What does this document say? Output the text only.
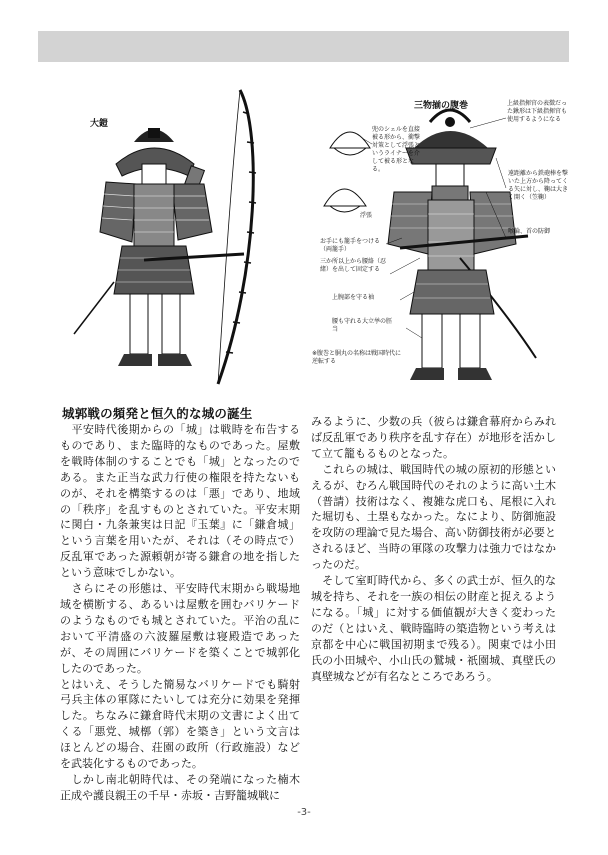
大鎧
三物揃の腹巻	上級指揮官の表徴だった鍬形は下級指揮官も使用するようになる
兜のシェルを直接被る形から、衝撃対策として浮張というライナーを介して被る形となる。
浮張
遠距離から鉄砲棒を撃いた上方から降ってくる矢に対し、鞠は大きく開く（笠鞠）
喉輪、首の防御
お手にも籠手をつける（両籠手）
三か所以上から腰絡（忍緒）を出して固定する
上腕部を守る袖
腰も守れる大立挙の脛当
※腹巻と胴丸の名称は戦国時代に逆転する
城郭戦の頻発と恒久的な城の誕生

　平安時代後期からの「城」は戦時を布告するものであり、また臨時的なものであった。屋敷を戦時体制のすることでも「城」となったのである。また正当な武力行使の権限を持たないものが、それを構築するのは「悪」であり、地域の「秩序」を乱すものとされていた。平安末期に関白・九条兼実は日記『玉葉』に「鎌倉城」という言葉を用いたが、それは（その時点で）反乱軍であった源頼朝が寄る鎌倉の地を指したという意味でしかない。

　さらにその形態は、平安時代末期から戦場地域を横断する、あるいは屋敷を囲むバリケードのようなものでも城とされていた。平治の乱において平清盛の六波羅屋敷は寝殿造であったが、その周囲にバリケードを築くことで城郭化したのであった。

とはいえ、そうした簡易なバリケードでも騎射弓兵主体の軍隊にたいしては充分に効果を発揮した。ちなみに鎌倉時代末期の文書によく出てくる「悪党、城槨（郭）を築き」という文言はほとんどの場合、荘園の政所（行政施設）などを武装化するものであった。

　しかし南北朝時代は、その発端になった楠木正成や護良親王の千早・赤坂・吉野籠城戦に

みるように、少数の兵（彼らは鎌倉幕府からみれば反乱軍であり秩序を乱す存在）が地形を活かして立て籠もるものとなった。

　これらの城は、戦国時代の城の原初的形態といえるが、むろん戦国時代のそれのように高い土木（普請）技術はなく、複雑な虎口も、尾根に入れた堀切も、土塁もなかった。なにより、防御施設を攻防の理論で見た場合、高い防御技術が必要とされるほど、当時の軍隊の攻撃力は強力ではなかったのだ。

　そして室町時代から、多くの武士が、恒久的な城を持ち、それを一族の相伝の財産と捉えるようになる。「城」に対する価値観が大きく変わったのだ（とはいえ、戦時臨時の築造物という考えは京都を中心に戦国初期まで残る）。関東では小田氏の小田城や、小山氏の鷲城・祇園城、真壁氏の真壁城などが有名なところであろう。

-3-
